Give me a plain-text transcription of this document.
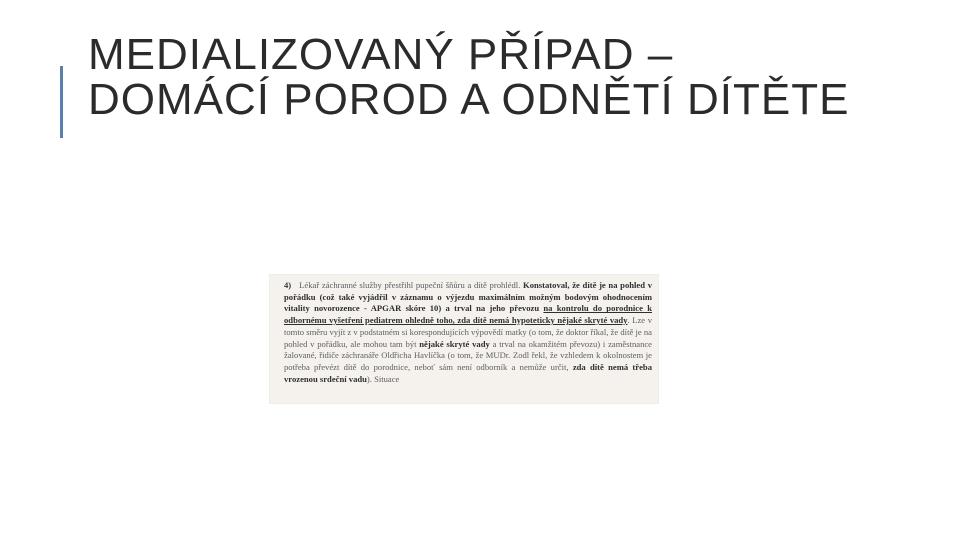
MEDIALIZOVANÝ PŘÍPAD – DOMÁCÍ POROD A ODNĚTÍ DÍTĚTE
4) Lékař záchranné služby přestřihl pupeční šňůru a dítě prohlédl. Konstatoval, že dítě je na pohled v pořádku (což také vyjádřil v záznamu o výjezdu maximálním možným bodovým ohodnocením vitality novorozence - APGAR skóre 10) a trval na jeho převozu na kontrolu do porodnice k odbornému vyšetření pediatrem ohledně toho, zda dítě nemá hypoteticky nějaké skryté vady. Lze v tomto směru vyjít z v podstatném si korespondujících výpovědí matky (o tom, že doktor říkal, že dítě je na pohled v pořádku, ale mohou tam být nějaké skryté vady a trval na okamžitém převozu) i zaměstnance žalované, řidiče záchranáře Oldřicha Havlíčka (o tom, že MUDr. Zodl řekl, že vzhledem k okolnostem je potřeba převézt dítě do porodnice, neboť sám není odborník a nemůže určit, zda dítě nemá třeba vrozenou srdeční vadu). Situace
